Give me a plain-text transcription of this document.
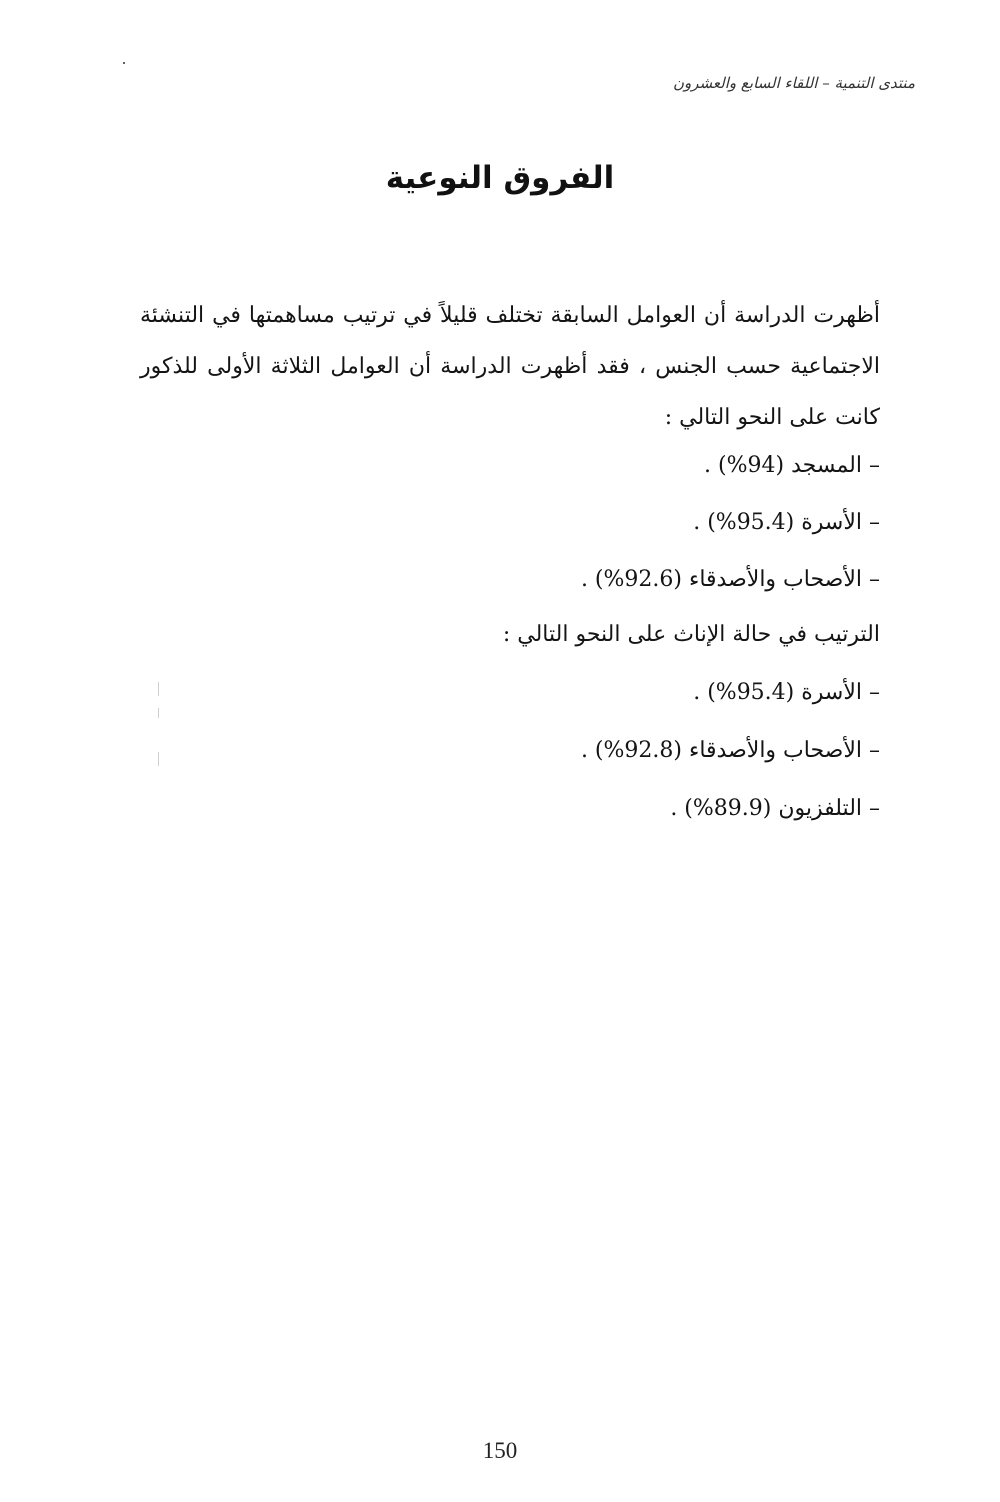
منتدى التنمية – اللقاء السابع والعشرون
الفروق النوعية
أظهرت الدراسة أن العوامل السابقة تختلف قليلاً في ترتيب مساهمتها في التنشئة الاجتماعية حسب الجنس ، فقد أظهرت الدراسة أن العوامل الثلاثة الأولى للذكور كانت على النحو التالي :
– المسجد (94%) .
– الأسرة (95.4%) .
– الأصحاب والأصدقاء (92.6%) .
الترتيب في حالة الإناث على النحو التالي :
– الأسرة (95.4%) .
– الأصحاب والأصدقاء (92.8%) .
– التلفزيون (89.9%) .
150
